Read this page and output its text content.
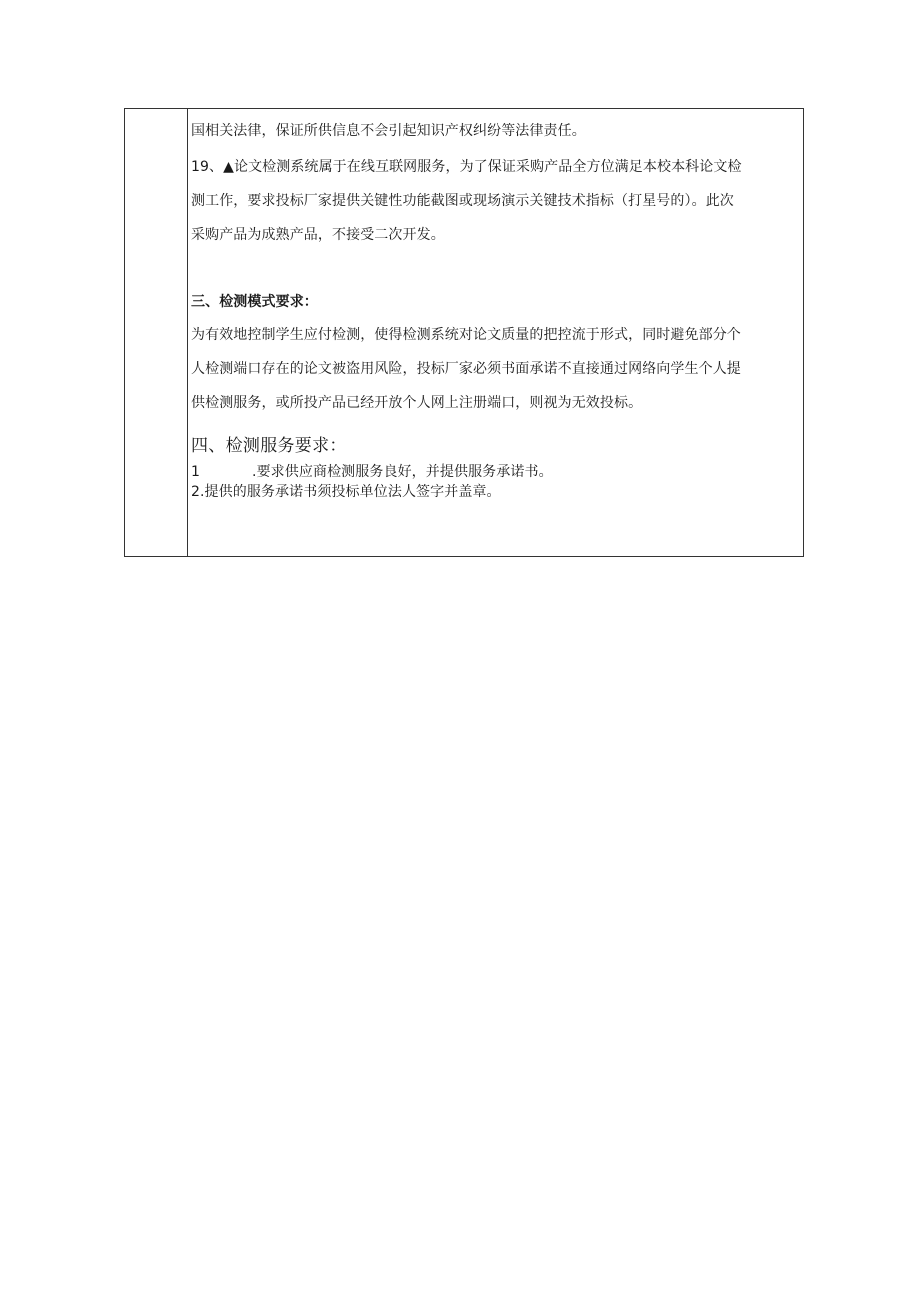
国相关法律，保证所供信息不会引起知识产权纠纷等法律责任。
19、▲论文检测系统属于在线互联网服务，为了保证采购产品全方位满足本校本科论文检
测工作，要求投标厂家提供关键性功能截图或现场演示关键技术指标（打星号的）。此次
采购产品为成熟产品，不接受二次开发。
三、检测模式要求：
为有效地控制学生应付检测，使得检测系统对论文质量的把控流于形式，同时避免部分个
人检测端口存在的论文被盗用风险，投标厂家必须书面承诺不直接通过网络向学生个人提
供检测服务，或所投产品已经开放个人网上注册端口，则视为无效投标。
四、检测服务要求：
1	.要求供应商检测服务良好，并提供服务承诺书。
2.提供的服务承诺书须投标单位法人签字并盖章。
